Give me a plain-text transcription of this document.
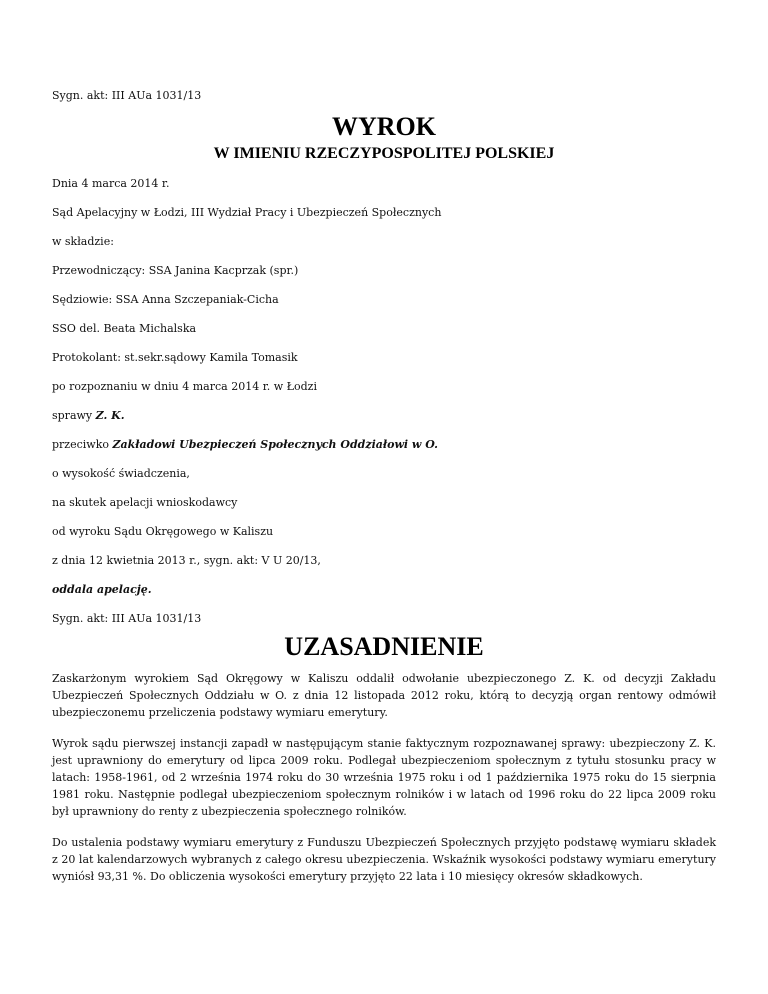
Sygn. akt: III AUa 1031/13

WYROK
W IMIENIU RZECZYPOSPOLITEJ POLSKIEJ

Dnia 4 marca 2014 r.

Sąd Apelacyjny w Łodzi, III Wydział Pracy i Ubezpieczeń Społecznych

w składzie:

Przewodniczący: SSA Janina Kacprzak (spr.)

Sędziowie: SSA Anna Szczepaniak-Cicha

SSO del. Beata Michalska

Protokolant: st.sekr.sądowy Kamila Tomasik

po rozpoznaniu w dniu 4 marca 2014 r. w Łodzi

sprawy Z. K.

przeciwko Zakładowi Ubezpieczeń Społecznych Oddziałowi w O.

o wysokość świadczenia,

na skutek apelacji wnioskodawcy

od wyroku Sądu Okręgowego w Kaliszu

z dnia 12 kwietnia 2013 r., sygn. akt: V U 20/13,

oddala apelację.

Sygn. akt: III AUa 1031/13

UZASADNIENIE

Zaskarżonym wyrokiem Sąd Okręgowy w Kaliszu oddalił odwołanie ubezpieczonego Z. K. od decyzji Zakładu Ubezpieczeń Społecznych Oddziału w O. z dnia 12 listopada 2012 roku, którą to decyzją organ rentowy odmówił ubezpieczonemu przeliczenia podstawy wymiaru emerytury.

Wyrok sądu pierwszej instancji zapadł w następującym stanie faktycznym rozpoznawanej sprawy: ubezpieczony Z. K. jest uprawniony do emerytury od lipca 2009 roku. Podlegał ubezpieczeniom społecznym z tytułu stosunku pracy w latach: 1958-1961, od 2 września 1974 roku do 30 września 1975 roku i od 1 października 1975 roku do 15 sierpnia 1981 roku. Następnie podlegał ubezpieczeniom społecznym rolników i w latach od 1996 roku do 22 lipca 2009 roku był uprawniony do renty z ubezpieczenia społecznego rolników.

Do ustalenia podstawy wymiaru emerytury z Funduszu Ubezpieczeń Społecznych przyjęto podstawę wymiaru składek z 20 lat kalendarzowych wybranych z całego okresu ubezpieczenia. Wskaźnik wysokości podstawy wymiaru emerytury wyniósł 93,31 %. Do obliczenia wysokości emerytury przyjęto 22 lata i 10 miesięcy okresów składkowych.
